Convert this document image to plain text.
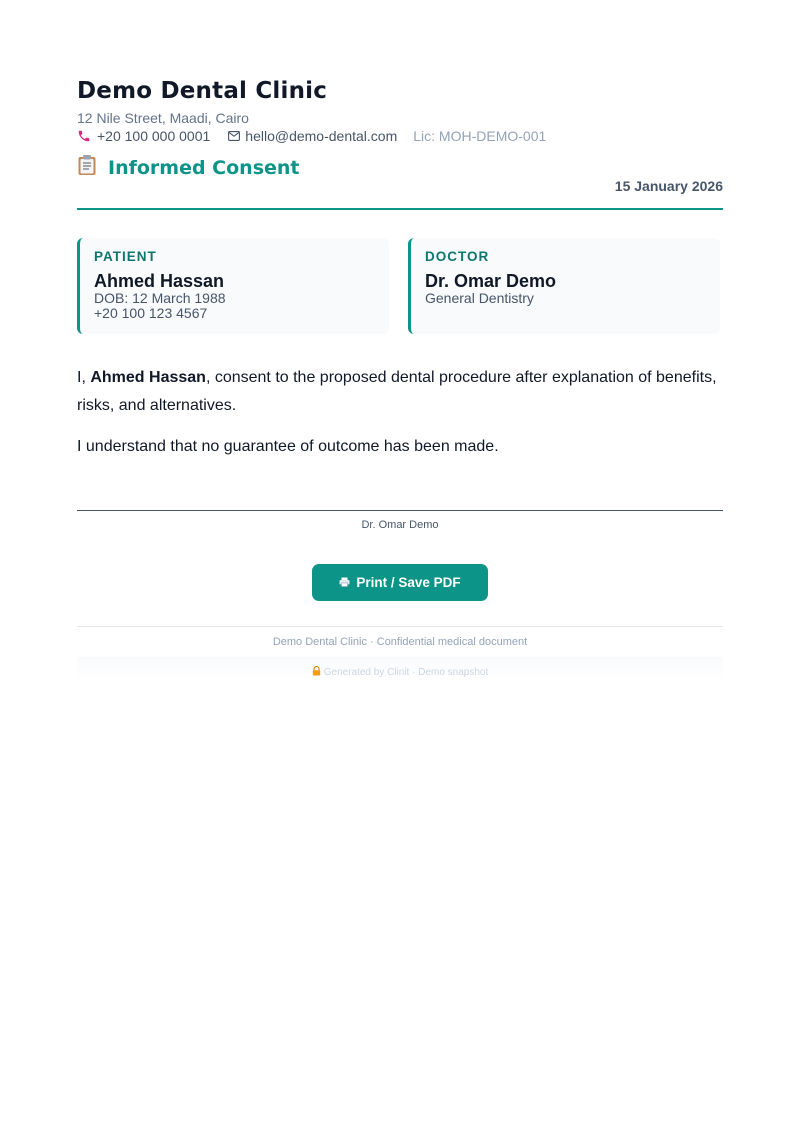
Demo Dental Clinic
12 Nile Street, Maadi, Cairo
+20 100 000 0001	hello@demo-dental.com Lic: MOH-DEMO-001
Informed Consent
15 January 2026
PATIENT
Ahmed Hassan
DOB: 12 March 1988
+20 100 123 4567
DOCTOR
Dr. Omar Demo
General Dentistry

I, Ahmed Hassan, consent to the proposed dental procedure after explanation of benefits, risks, and alternatives.

I understand that no guarantee of outcome has been made.

Dr. Omar Demo
Print / Save PDF
Demo Dental Clinic · Confidential medical document
Generated by Clinit · Demo snapshot
